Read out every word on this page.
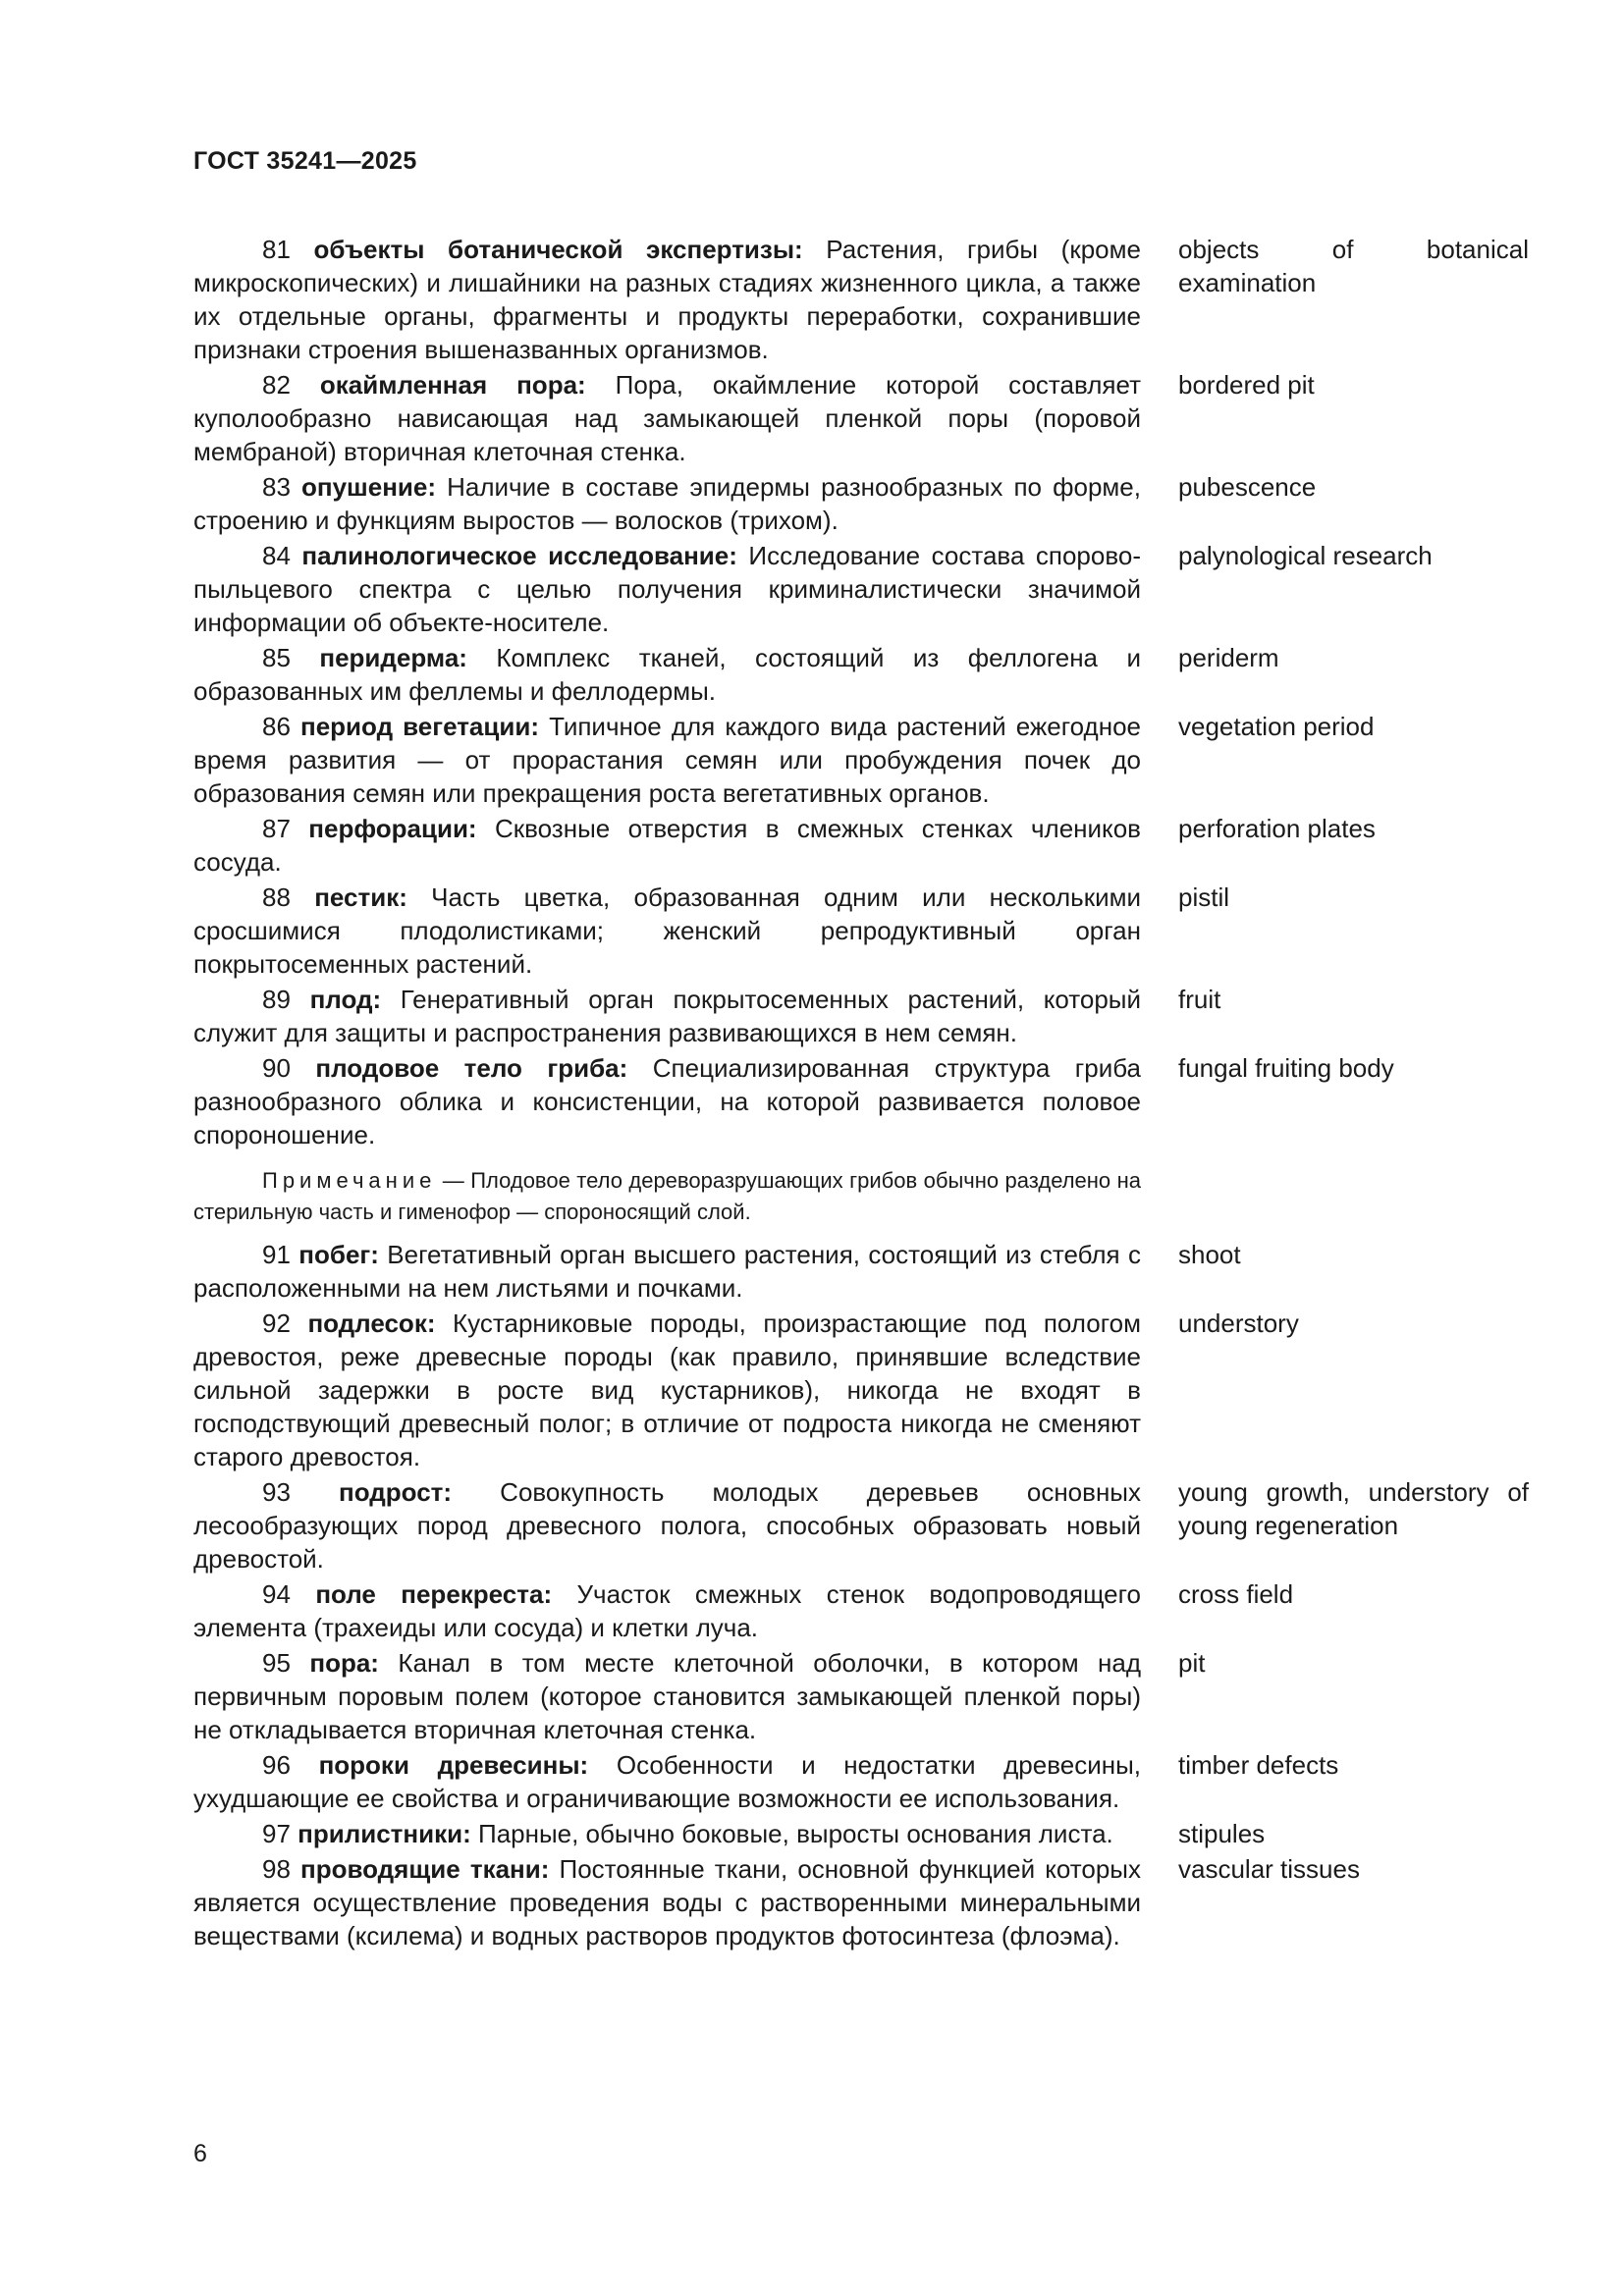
ГОСТ 35241—2025
81 объекты ботанической экспертизы: Растения, грибы (кроме микроскопических) и лишайники на разных стадиях жизненного цикла, а также их отдельные органы, фрагменты и продукты переработки, сохранившие признаки строения вышеназванных организмов.
objects of botanical examination
82 окаймленная пора: Пора, окаймление которой составляет куполообразно нависающая над замыкающей пленкой поры (поровой мембраной) вторичная клеточная стенка.
bordered pit
83 опушение: Наличие в составе эпидермы разнообразных по форме, строению и функциям выростов — волосков (трихом).
pubescence
84 палинологическое исследование: Исследование состава спорово-пыльцевого спектра с целью получения криминалистически значимой информации об объекте-носителе.
palynological research
85 перидерма: Комплекс тканей, состоящий из феллогена и образованных им феллемы и феллодермы.
periderm
86 период вегетации: Типичное для каждого вида растений ежегодное время развития — от прорастания семян или пробуждения почек до образования семян или прекращения роста вегетативных органов.
vegetation period
87 перфорации: Сквозные отверстия в смежных стенках члеников сосуда.
perforation plates
88 пестик: Часть цветка, образованная одним или несколькими сросшимися плодолистиками; женский репродуктивный орган покрытосеменных растений.
pistil
89 плод: Генеративный орган покрытосеменных растений, который служит для защиты и распространения развивающихся в нем семян.
fruit
90 плодовое тело гриба: Специализированная структура гриба разнообразного облика и консистенции, на которой развивается половое спороношение.
fungal fruiting body
Примечание — Плодовое тело дереворазрушающих грибов обычно разделено на стерильную часть и гименофор — спороносящий слой.
91 побег: Вегетативный орган высшего растения, состоящий из стебля с расположенными на нем листьями и почками.
shoot
92 подлесок: Кустарниковые породы, произрастающие под пологом древостоя, реже древесные породы (как правило, принявшие вследствие сильной задержки в росте вид кустарников), никогда не входят в господствующий древесный полог; в отличие от подроста никогда не сменяют старого древостоя.
understory
93 подрост: Совокупность молодых деревьев основных лесообразующих пород древесного полога, способных образовать новый древостой.
young growth, understory of young regeneration
94 поле перекреста: Участок смежных стенок водопроводящего элемента (трахеиды или сосуда) и клетки луча.
cross field
95 пора: Канал в том месте клеточной оболочки, в котором над первичным поровым полем (которое становится замыкающей пленкой поры) не откладывается вторичная клеточная стенка.
pit
96 пороки древесины: Особенности и недостатки древесины, ухудшающие ее свойства и ограничивающие возможности ее использования.
timber defects
97 прилистники: Парные, обычно боковые, выросты основания листа.	stipules
98 проводящие ткани: Постоянные ткани, основной функцией которых является осуществление проведения воды с растворенными минеральными веществами (ксилема) и водных растворов продуктов фотосинтеза (флоэма).
vascular tissues
6
